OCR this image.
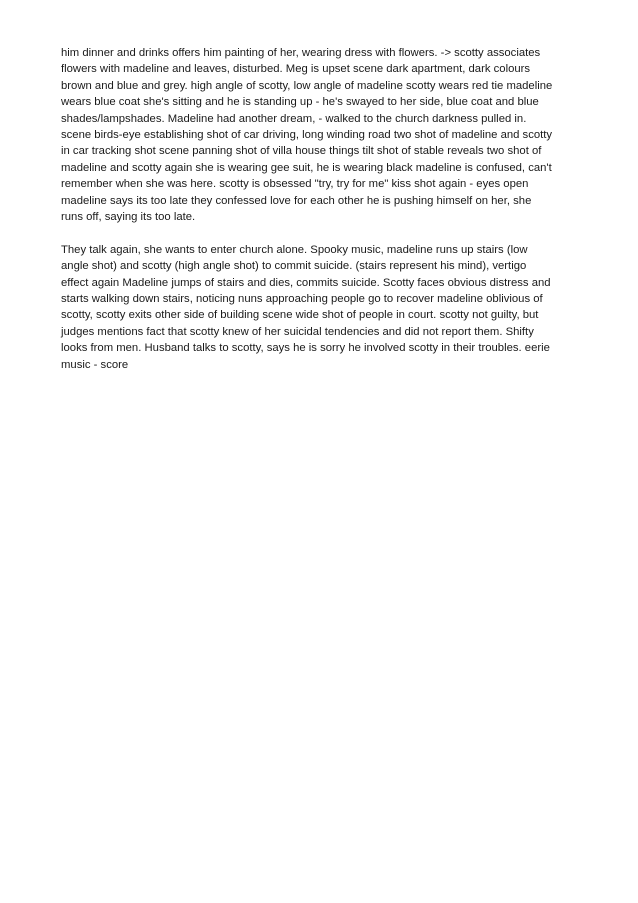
him dinner and drinks offers him painting of her, wearing dress with flowers. -> scotty associates
flowers with madeline and leaves, disturbed. Meg is upset scene dark apartment, dark colours
brown and blue and grey. high angle of scotty, low angle of madeline scotty wears red tie madeline
wears blue coat she's sitting and he is standing up - he's swayed to her side, blue coat and blue
shades/lampshades. Madeline had another dream, - walked to the church darkness pulled in.
scene birds-eye establishing shot of car driving, long winding road two shot of madeline and scotty
in car tracking shot scene panning shot of villa house things tilt shot of stable reveals two shot of
madeline and scotty again she is wearing gee suit, he is wearing black madeline is confused, can't
remember when she was here. scotty is obsessed "try, try for me" kiss shot again - eyes open
madeline says its too late they confessed love for each other he is pushing himself on her, she
runs off, saying its too late.

They talk again, she wants to enter church alone. Spooky music, madeline runs up stairs (low
angle shot) and scotty (high angle shot) to commit suicide. (stairs represent his mind), vertigo
effect again Madeline jumps of stairs and dies, commits suicide. Scotty faces obvious distress and
starts walking down stairs, noticing nuns approaching people go to recover madeline oblivious of
scotty, scotty exits other side of building scene wide shot of people in court. scotty not guilty, but
judges mentions fact that scotty knew of her suicidal tendencies and did not report them. Shifty
looks from men. Husband talks to scotty, says he is sorry he involved scotty in their troubles. eerie
music - score
